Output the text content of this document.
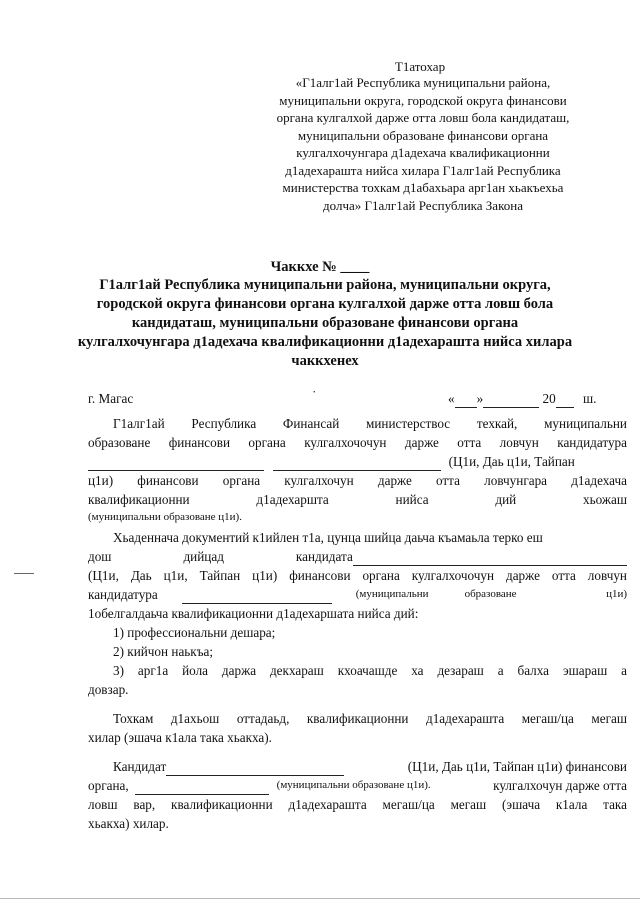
Т1атохар
«Г1алг1ай Республика муниципальни района,
муниципальни округа, городской округа финансови
органа кулгалхой дарже отта ловш бола кандидаташ,
муниципальни образоване финансови органа
кулгалхочунгара д1адехача квалификационни
д1адехарашта нийса хилара Г1алг1ай Республика
министерства тохкам д1абахьара арг1ан хьакъехьа
долча» Г1алг1ай Республика Закона
Чаккхе № ____
Г1алг1ай Республика муниципальни района, муниципальни округа,
городской округа финансови органа кулгалхой дарже отта ловш бола
кандидаташ, муниципальни образоване финансови органа
кулгалхочунгара д1адехача квалификационни д1адехарашта нийса хилара
чаккхенех
г. Магас	˙	« »	20 ш.
Г1алг1ай Республика Финансай министерствос техкай, муниципальни
образоване финансови органа кулгалхочочун дарже отта ловчун кандидатура
(Ц1и, Даь ц1и, Тайпан
ц1и) финансови органа кулгалхочун дарже отта ловчунгара д1адехача
квалификационни	д1адехаршта	нийса	дий	хьожаш
(муниципальни образоване ц1и).
Хьаденнача документий к1ийлен т1а, цунца шийца даьча къамаьла терко еш
дош	дийцад	кандидата
(Ц1и, Даь ц1и, Тайпан ц1и) финансови органа кулгалхочочун дарже отта ловчун
кандидатура	(муниципальни	образоване	ц1и)
1обелгалдаьча квалификационни д1адехаршата нийса дий:
1) профессиональни дешара;
2) кийчон наькъа;
3) арг1а йола даржа декхараш кхоачашде ха дезараш а балха эшараш а
довзар.
Тохкам д1ахьош оттадаьд, квалификационни д1адехарашта мегаш/ца мегаш
хилар (эшача к1ала така хьакха).
Кандидат	(Ц1и, Даь ц1и, Тайпан ц1и) финансови
органа,	(муниципальни образоване ц1и).	кулгалхочун дарже отта
ловш вар, квалификационни д1адехарашта мегаш/ца мегаш (эшача к1ала така
хьакха) хилар.
